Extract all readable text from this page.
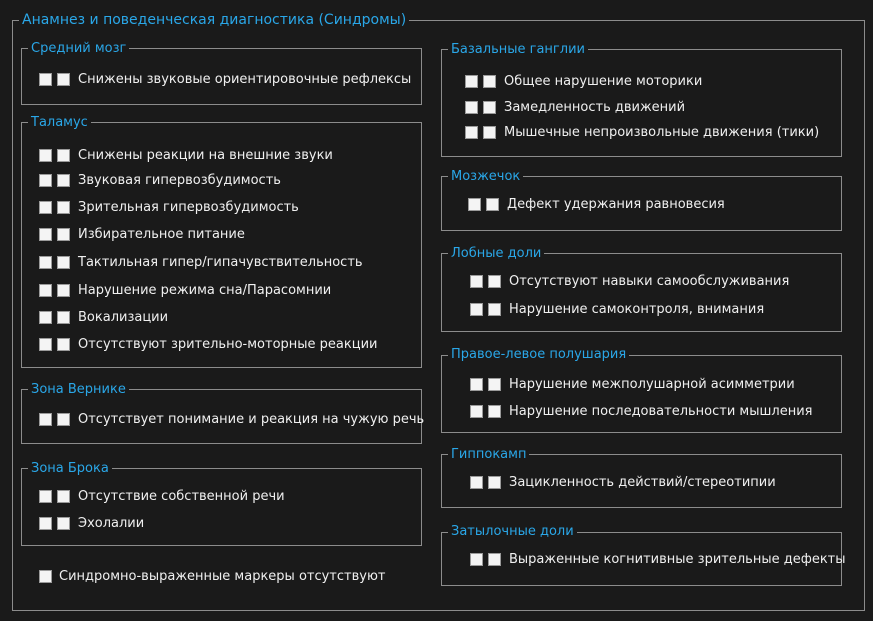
Анамнез и поведенческая диагностика (Синдромы)
Средний мозг
Снижены звуковые ориентировочные рефлексы
Таламус
Снижены реакции на внешние звуки
Звуковая гипервозбудимость
Зрительная гипервозбудимость
Избирательное питание
Тактильная гипер/гипачувствительность
Нарушение режима сна/Парасомнии
Вокализации
Отсутствуют зрительно-моторные реакции
Зона Вернике
Отсутствует понимание и реакция на чужую речь
Зона Брока
Отсутствие собственной речи
Эхолалии
Синдромно-выраженные маркеры отсутствуют
Базальные ганглии
Общее нарушение моторики
Замедленность движений
Мышечные непроизвольные движения (тики)
Мозжечок
Дефект удержания равновесия
Лобные доли
Отсутствуют навыки самообслуживания
Нарушение самоконтроля, внимания
Правое-левое полушария
Нарушение межполушарной асимметрии
Нарушение последовательности мышления
Гиппокамп
Зацикленность действий/стереотипии
Затылочные доли
Выраженные когнитивные зрительные дефекты
